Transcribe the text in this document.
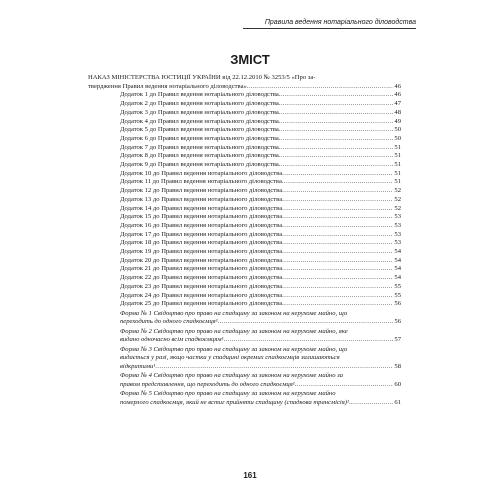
Правила ведення нотаріального діловодства
ЗМІСТ
НАКАЗ МІНІСТЕРСТВА ЮСТИЦІЇ УКРАЇНИ від 22.12.2010 № 3253/5 «Про за-
твердження Правил ведення нотаріального діловодства» .....	46
Додаток 1 до Правил ведення нотаріального діловодства .....	46
Додаток 2 до Правил ведення нотаріального діловодства .....	47
Додаток 3 до Правил ведення нотаріального діловодства .....	48
Додаток 4 до Правил ведення нотаріального діловодства .....	49
Додаток 5 до Правил ведення нотаріального діловодства .....	50
Додаток 6 до Правил ведення нотаріального діловодства .....	50
Додаток 7 до Правил ведення нотаріального діловодства .....	51
Додаток 8 до Правил ведення нотаріального діловодства .....	51
Додаток 9 до Правил ведення нотаріального діловодства .....	51
Додаток 10 до Правил ведення нотаріального діловодства .....	51
Додаток 11 до Правил ведення нотаріального діловодства .....	51
Додаток 12 до Правил ведення нотаріального діловодства .....	52
Додаток 13 до Правил ведення нотаріального діловодства .....	52
Додаток 14 до Правил ведення нотаріального діловодства .....	52
Додаток 15 до Правил ведення нотаріального діловодства .....	53
Додаток 16 до Правил ведення нотаріального діловодства .....	53
Додаток 17 до Правил ведення нотаріального діловодства .....	53
Додаток 18 до Правил ведення нотаріального діловодства .....	53
Додаток 19 до Правил ведення нотаріального діловодства .....	54
Додаток 20 до Правил ведення нотаріального діловодства .....	54
Додаток 21 до Правил ведення нотаріального діловодства .....	54
Додаток 22 до Правил ведення нотаріального діловодства .....	54
Додаток 23 до Правил ведення нотаріального діловодства .....	55
Додаток 24 до Правил ведення нотаріального діловодства .....	55
Додаток 25 до Правил ведення нотаріального діловодства .....	56
Форма № 1 Свідоцтво про право на спадщину за законом на нерухоме майно, що
переходить до одного спадкоємця¹ .....	56
Форма № 2 Свідоцтво про право на спадщину за законом на нерухоме майно, яке
видано одночасно всім спадкоємцям¹ .....	57
Форма № 3 Свідоцтво про право на спадщину за законом на нерухоме майно, що
видається у разі, якщо частки у спадщині окремих спадкоємців залишаються
відкритими¹ .....	58
Форма № 4 Свідоцтво про право на спадщину за законом на нерухоме майно за
правом представлення, що переходить до одного спадкоємця¹ .....	60
Форма № 5 Свідоцтво про право на спадщину за законом на нерухоме майно
померлого спадкоємця, який не встиг прийняти спадщину (спадкова трансмісія)¹ .....	61
161
